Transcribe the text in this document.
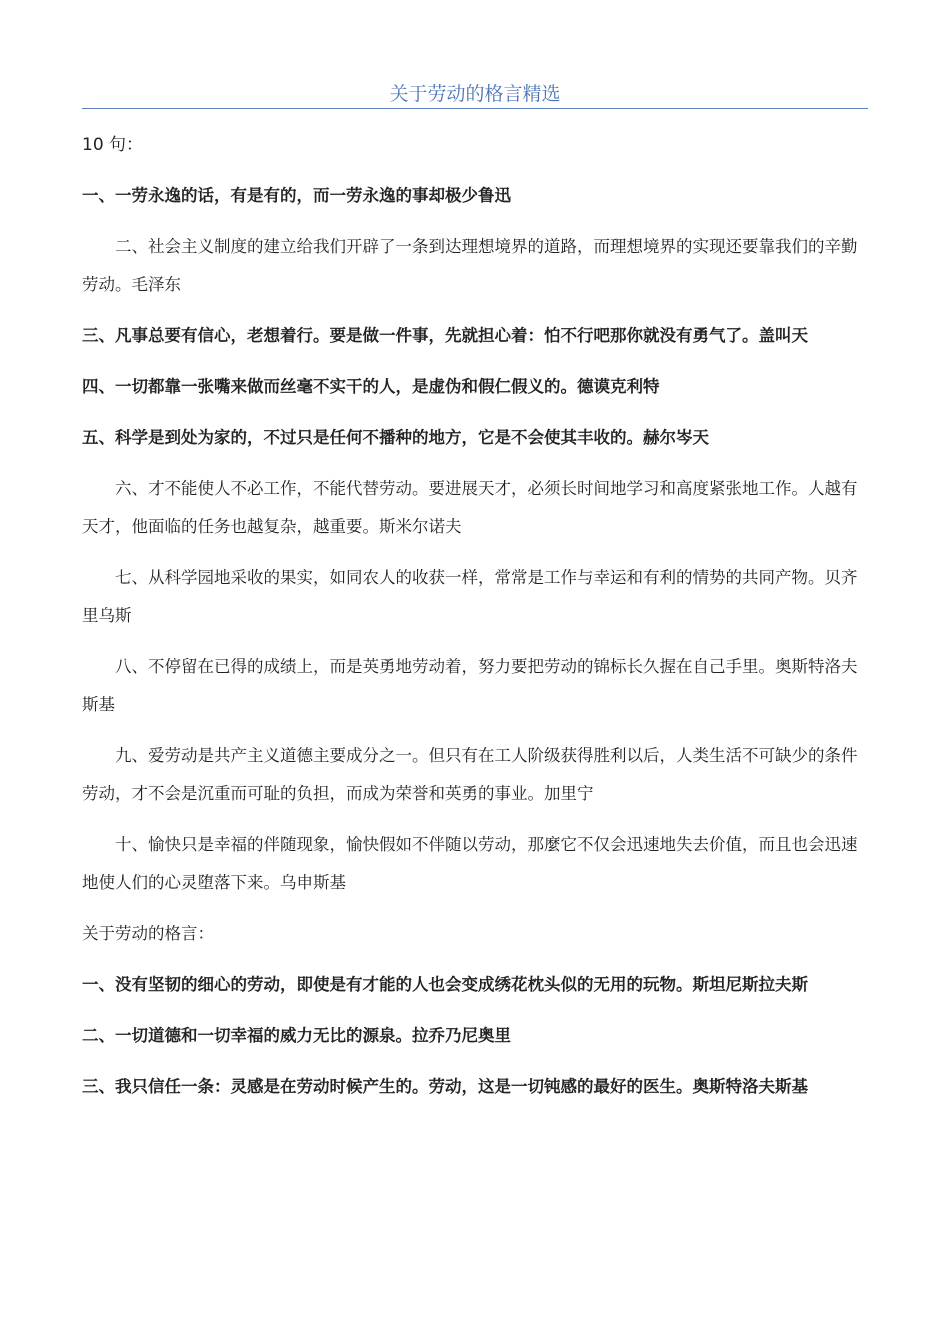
关于劳动的格言精选

10 句：

一、一劳永逸的话，有是有的，而一劳永逸的事却极少鲁迅

二、社会主义制度的建立给我们开辟了一条到达理想境界的道路，而理想境界的实现还要靠我们的辛勤劳动。毛泽东

三、凡事总要有信心，老想着行。要是做一件事，先就担心着：怕不行吧那你就没有勇气了。盖叫天

四、一切都靠一张嘴来做而丝毫不实干的人，是虚伪和假仁假义的。德谟克利特

五、科学是到处为家的，不过只是任何不播种的地方，它是不会使其丰收的。赫尔岑天

六、才不能使人不必工作，不能代替劳动。要进展天才，必须长时间地学习和高度紧张地工作。人越有天才，他面临的任务也越复杂，越重要。斯米尔诺夫

七、从科学园地采收的果实，如同农人的收获一样，常常是工作与幸运和有利的情势的共同产物。贝齐里乌斯

八、不停留在已得的成绩上，而是英勇地劳动着，努力要把劳动的锦标长久握在自己手里。奥斯特洛夫斯基

九、爱劳动是共产主义道德主要成分之一。但只有在工人阶级获得胜利以后，人类生活不可缺少的条件劳动，才不会是沉重而可耻的负担，而成为荣誉和英勇的事业。加里宁

十、愉快只是幸福的伴随现象，愉快假如不伴随以劳动，那麼它不仅会迅速地失去价值，而且也会迅速地使人们的心灵堕落下来。乌申斯基

关于劳动的格言：

一、没有坚韧的细心的劳动，即使是有才能的人也会变成绣花枕头似的无用的玩物。斯坦尼斯拉夫斯

二、一切道德和一切幸福的威力无比的源泉。拉乔乃尼奥里

三、我只信任一条：灵感是在劳动时候产生的。劳动，这是一切钝感的最好的医生。奥斯特洛夫斯基
